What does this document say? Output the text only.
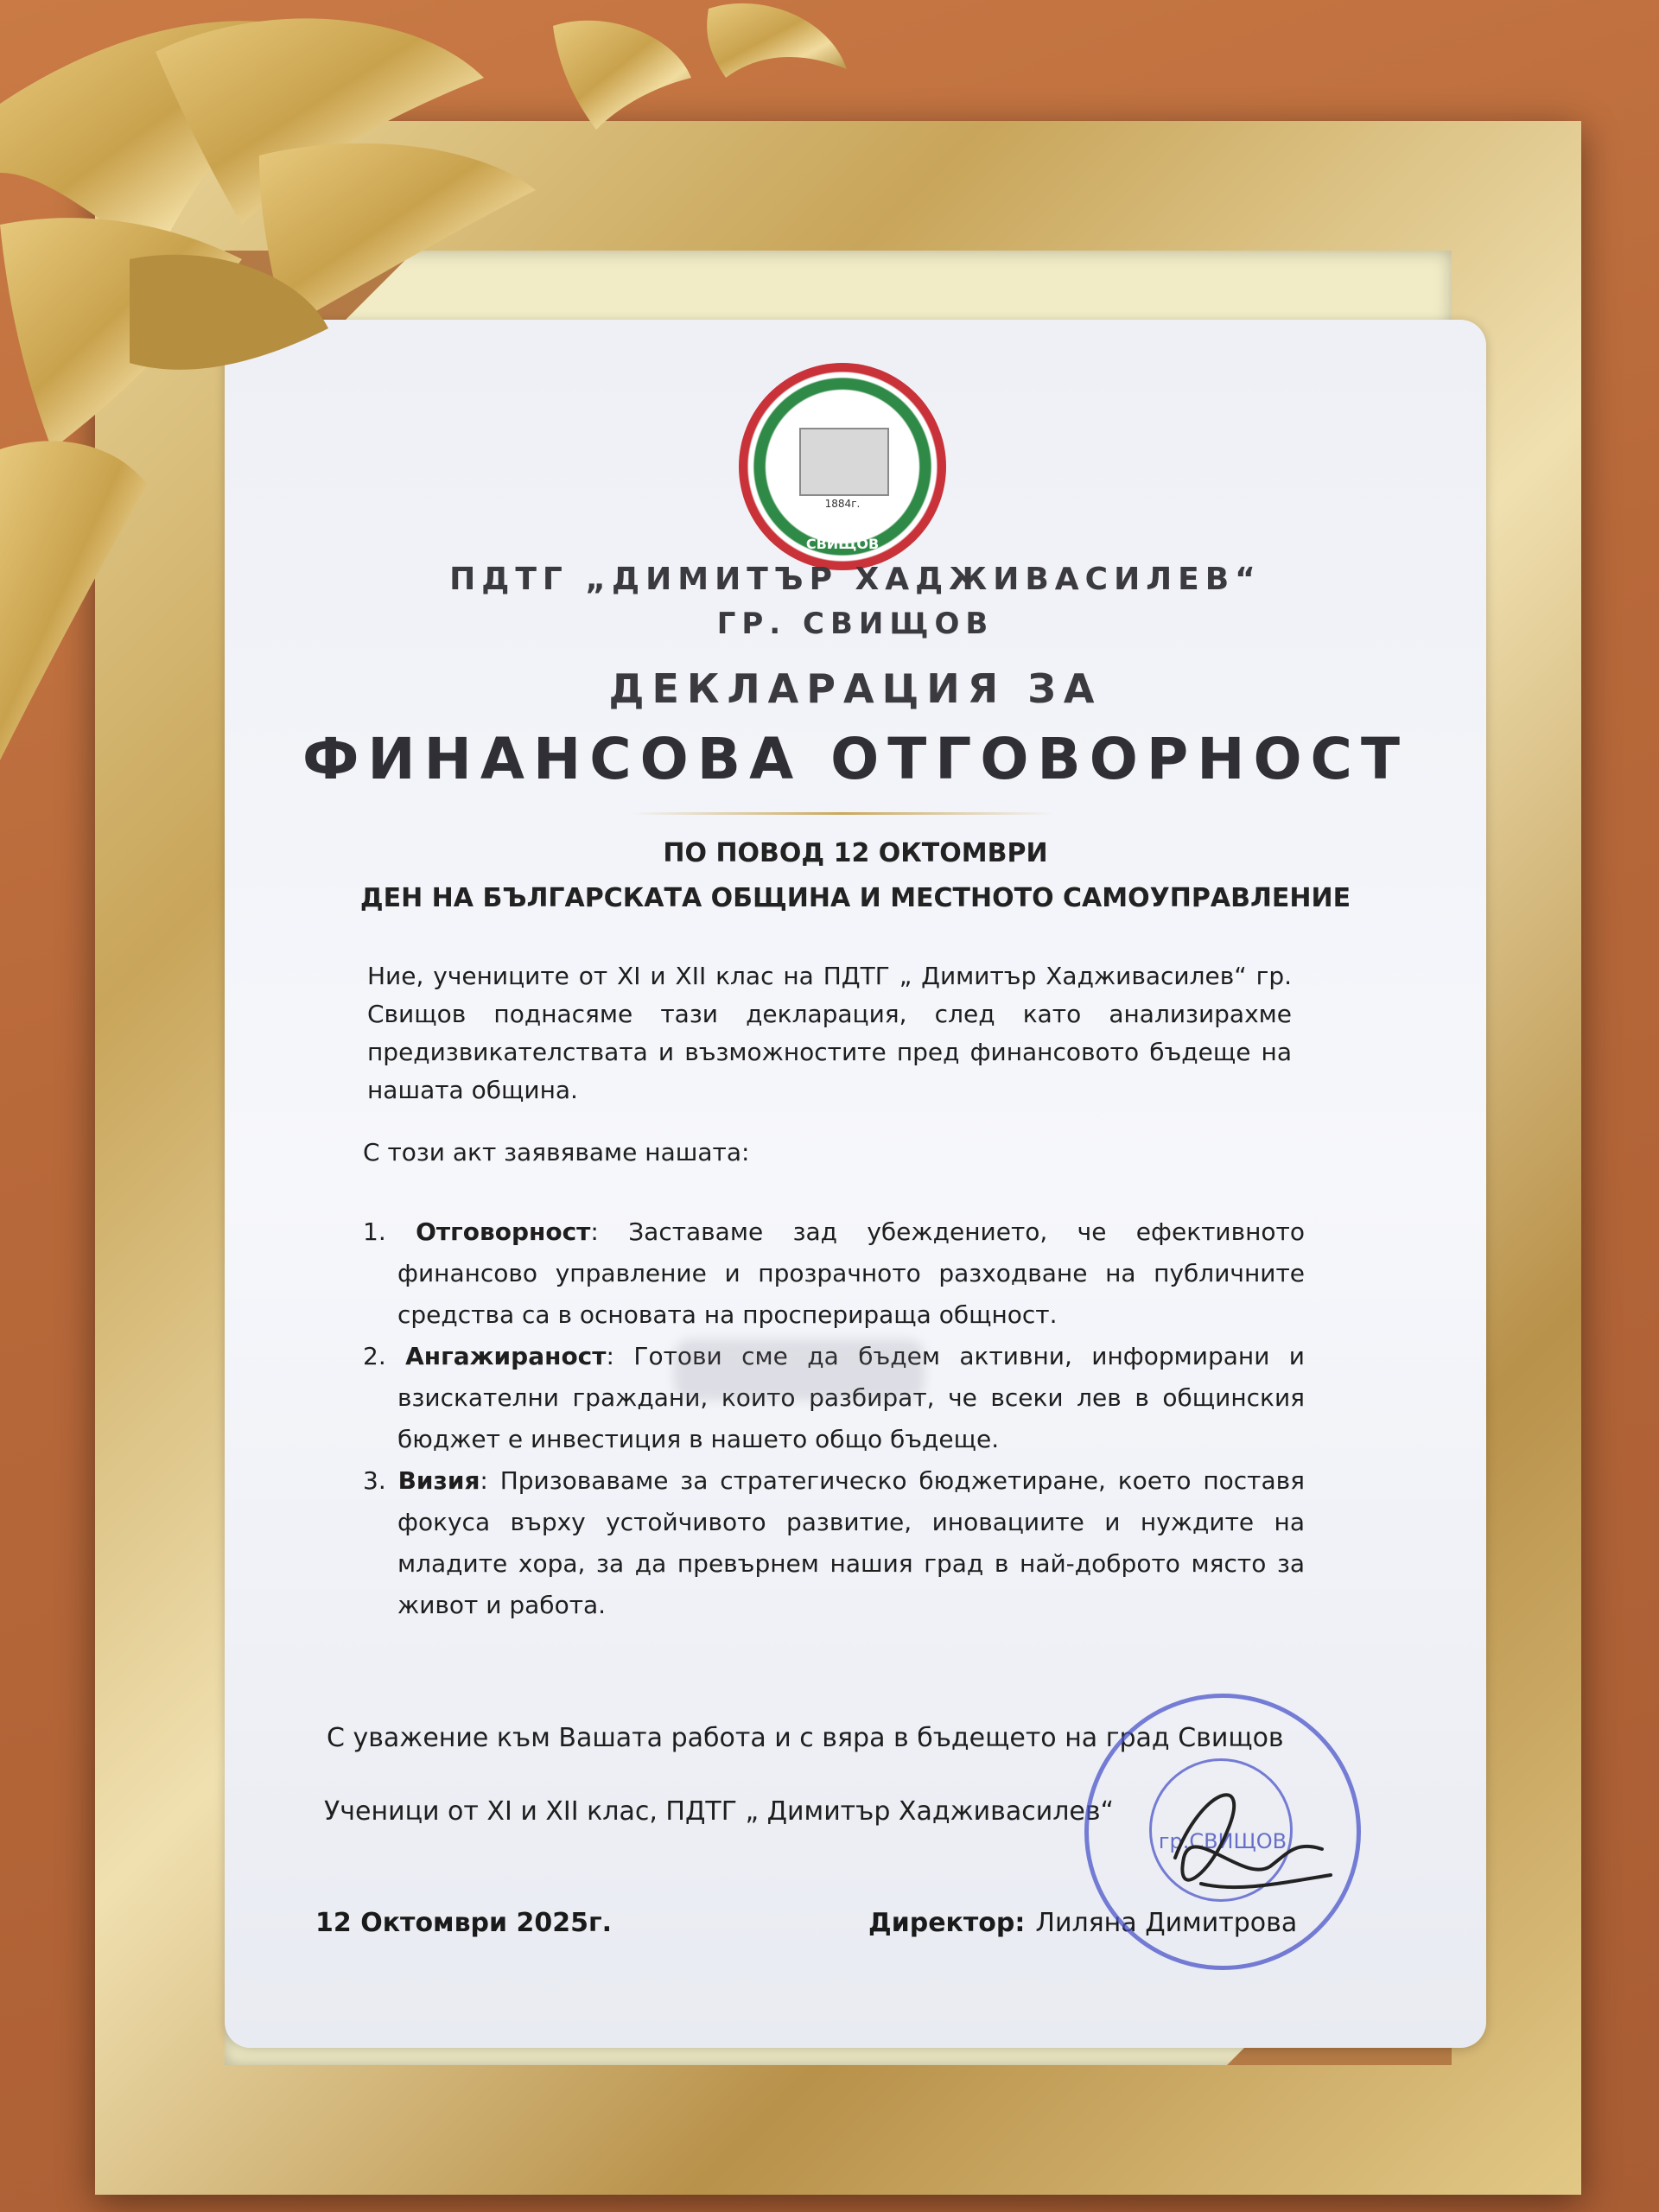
1884г.
СВИЩОВ
ПДТГ „ДИМИТЪР ХАДЖИВАСИЛЕВ“
ГР. СВИЩОВ
ДЕКЛАРАЦИЯ ЗА
ФИНАНСОВА ОТГОВОРНОСТ
ПО ПОВОД 12 ОКТОМВРИ
ДЕН НА БЪЛГАРСКАТА ОБЩИНА И МЕСТНОТО САМОУПРАВЛЕНИЕ
Ние, учениците от XI и XII клас на ПДТГ „ Димитър Хадживаcилев“ гр. Свищов поднасяме тази декларация, след като анализирахме предизвикателствата и възможностите пред финансовото бъдеще на нашата община.
С този акт заявяваме нашата:
1. Отговорност: Заставаме зад убеждението, че ефективното финансово управление и прозрачното разходване на публичните средства са в основата на просперираща общност.
2. Ангажираност: Готови сме да бъдем активни, информирани и взискателни граждани, които разбират, че всеки лев в общинския бюджет е инвестиция в нашето общо бъдеще.
3. Визия: Призоваваме за стратегическо бюджетиране, което поставя фокуса върху устойчивото развитие, иновациите и нуждите на младите хора, за да превърнем нашия град в най-доброто място за живот и работа.
С уважение към Вашата работа и с вяра в бъдещето на град Свищов
Ученици от XI и XII клас, ПДТГ „ Димитър Хадживасилев“
12 Октомври 2025г.	Директор: Лиляна Димитрова
гр.СВИЩОВ
